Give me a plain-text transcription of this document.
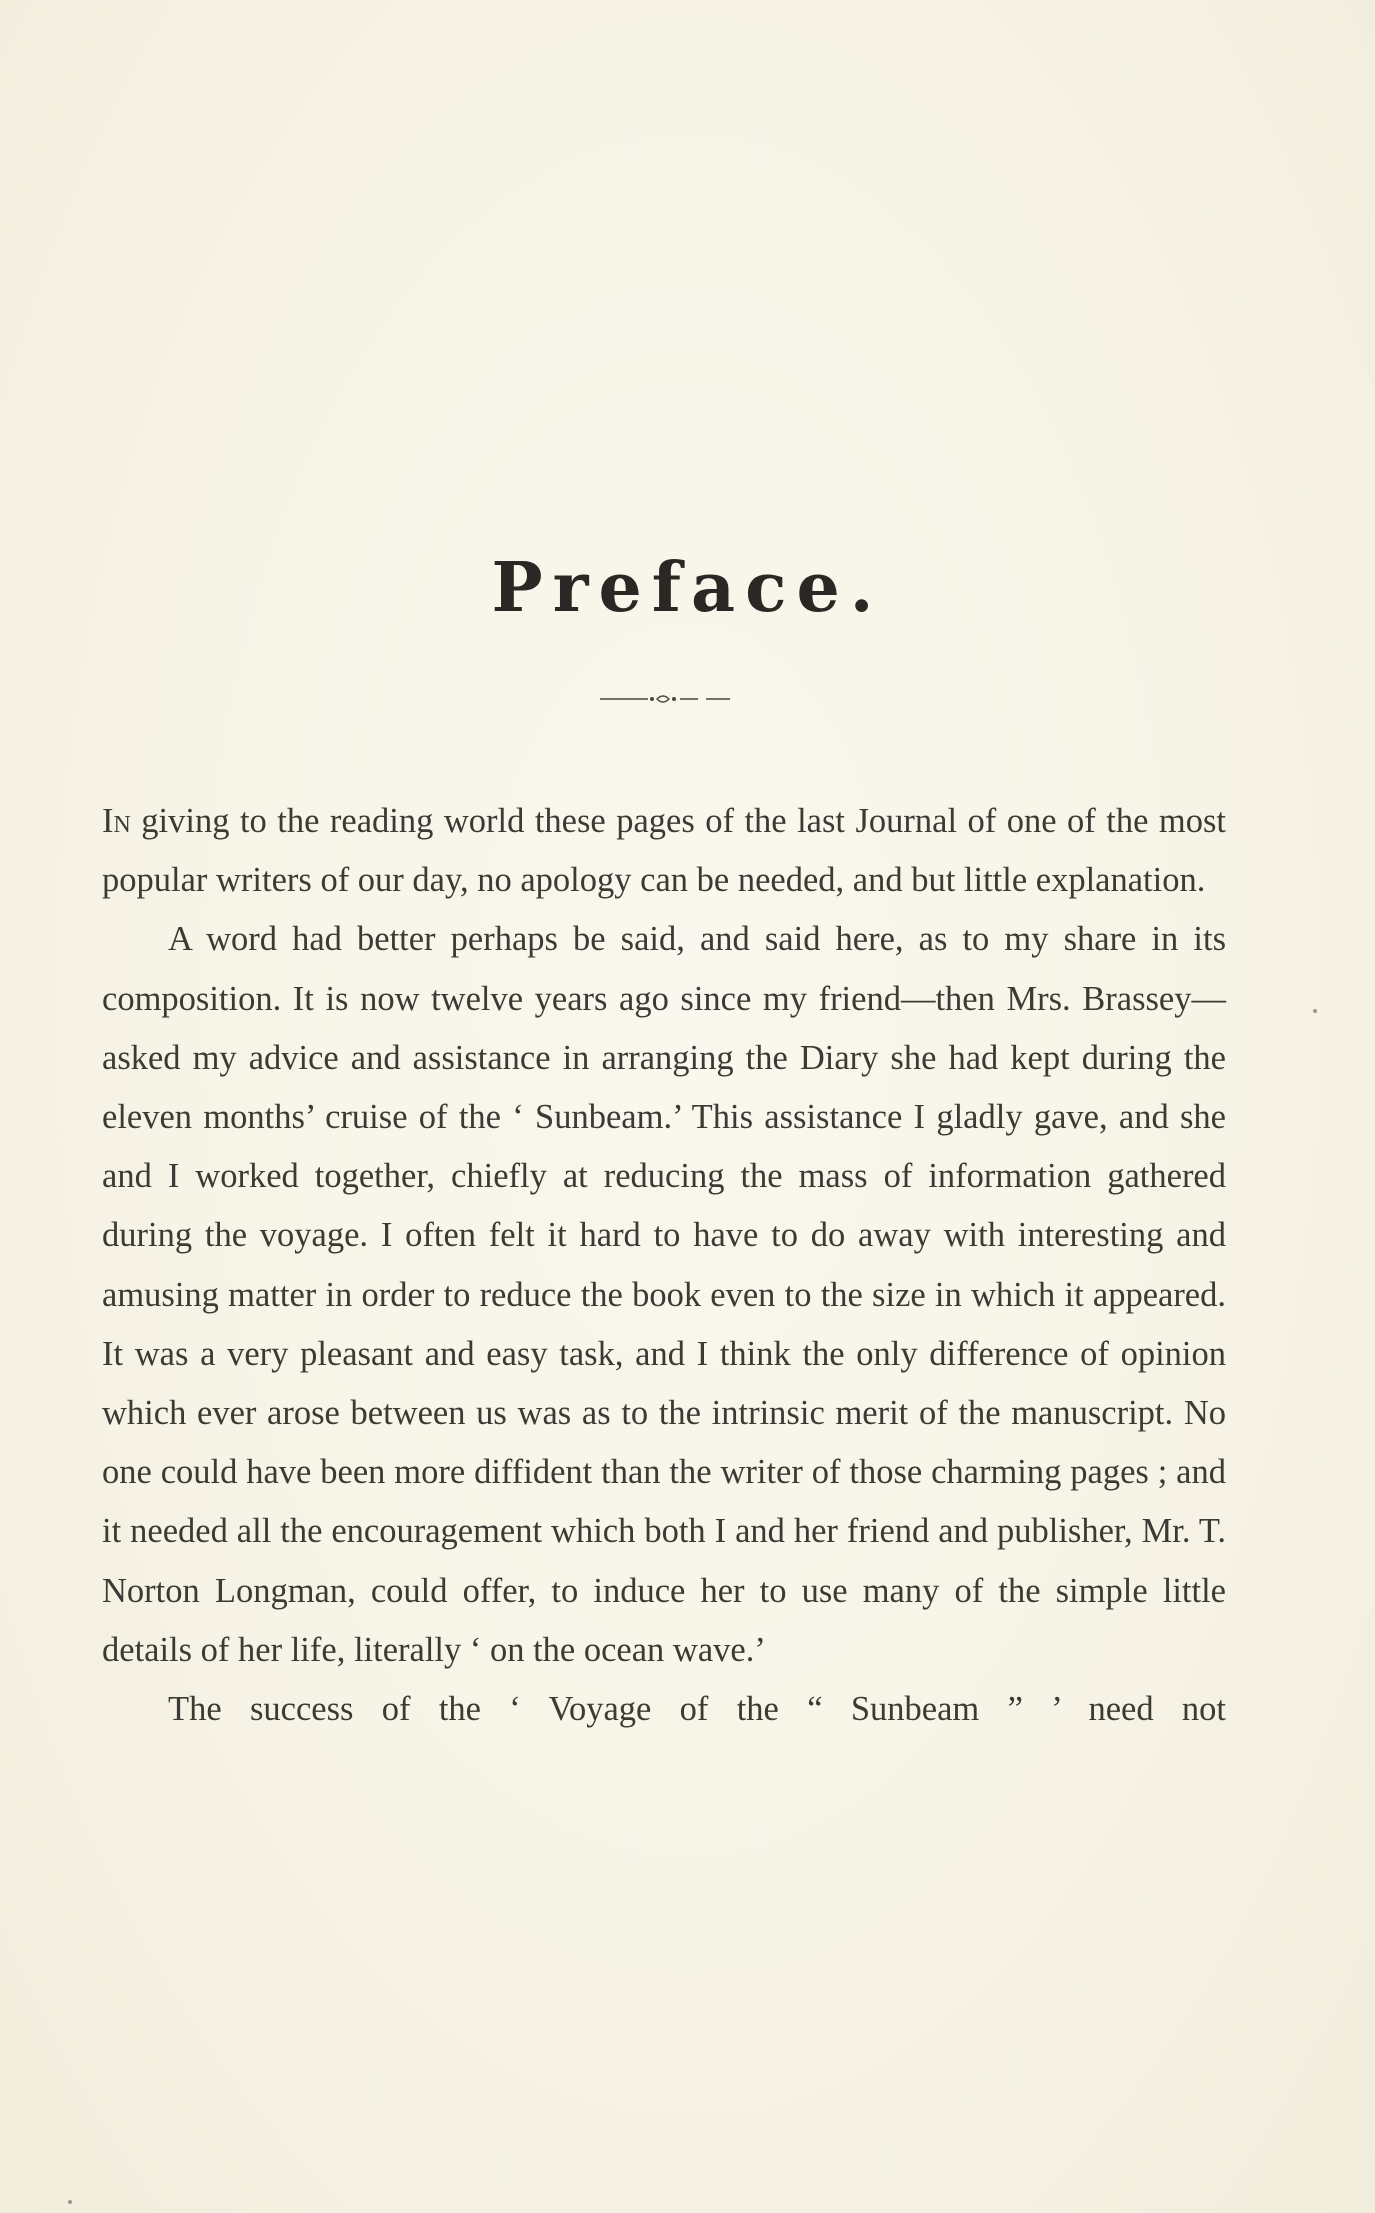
Preface.

In giving to the reading world these pages of the last Journal of one of the most popular writers of our day, no apology can be needed, and but little explanation.

A word had better perhaps be said, and said here, as to my share in its composition. It is now twelve years ago since my friend—then Mrs. Brassey—asked my advice and assistance in arranging the Diary she had kept during the eleven months’ cruise of the ‘ Sunbeam.’ This assistance I gladly gave, and she and I worked together, chiefly at reducing the mass of information gathered during the voyage. I often felt it hard to have to do away with interesting and amusing matter in order to reduce the book even to the size in which it appeared. It was a very pleasant and easy task, and I think the only difference of opinion which ever arose between us was as to the intrinsic merit of the manuscript. No one could have been more diffident than the writer of those charming pages ; and it needed all the encouragement which both I and her friend and publisher, Mr. T. Norton Longman, could offer, to induce her to use many of the simple little details of her life, literally ‘ on the ocean wave.’

The success of the ‘ Voyage of the “ Sunbeam ” ’ need not
